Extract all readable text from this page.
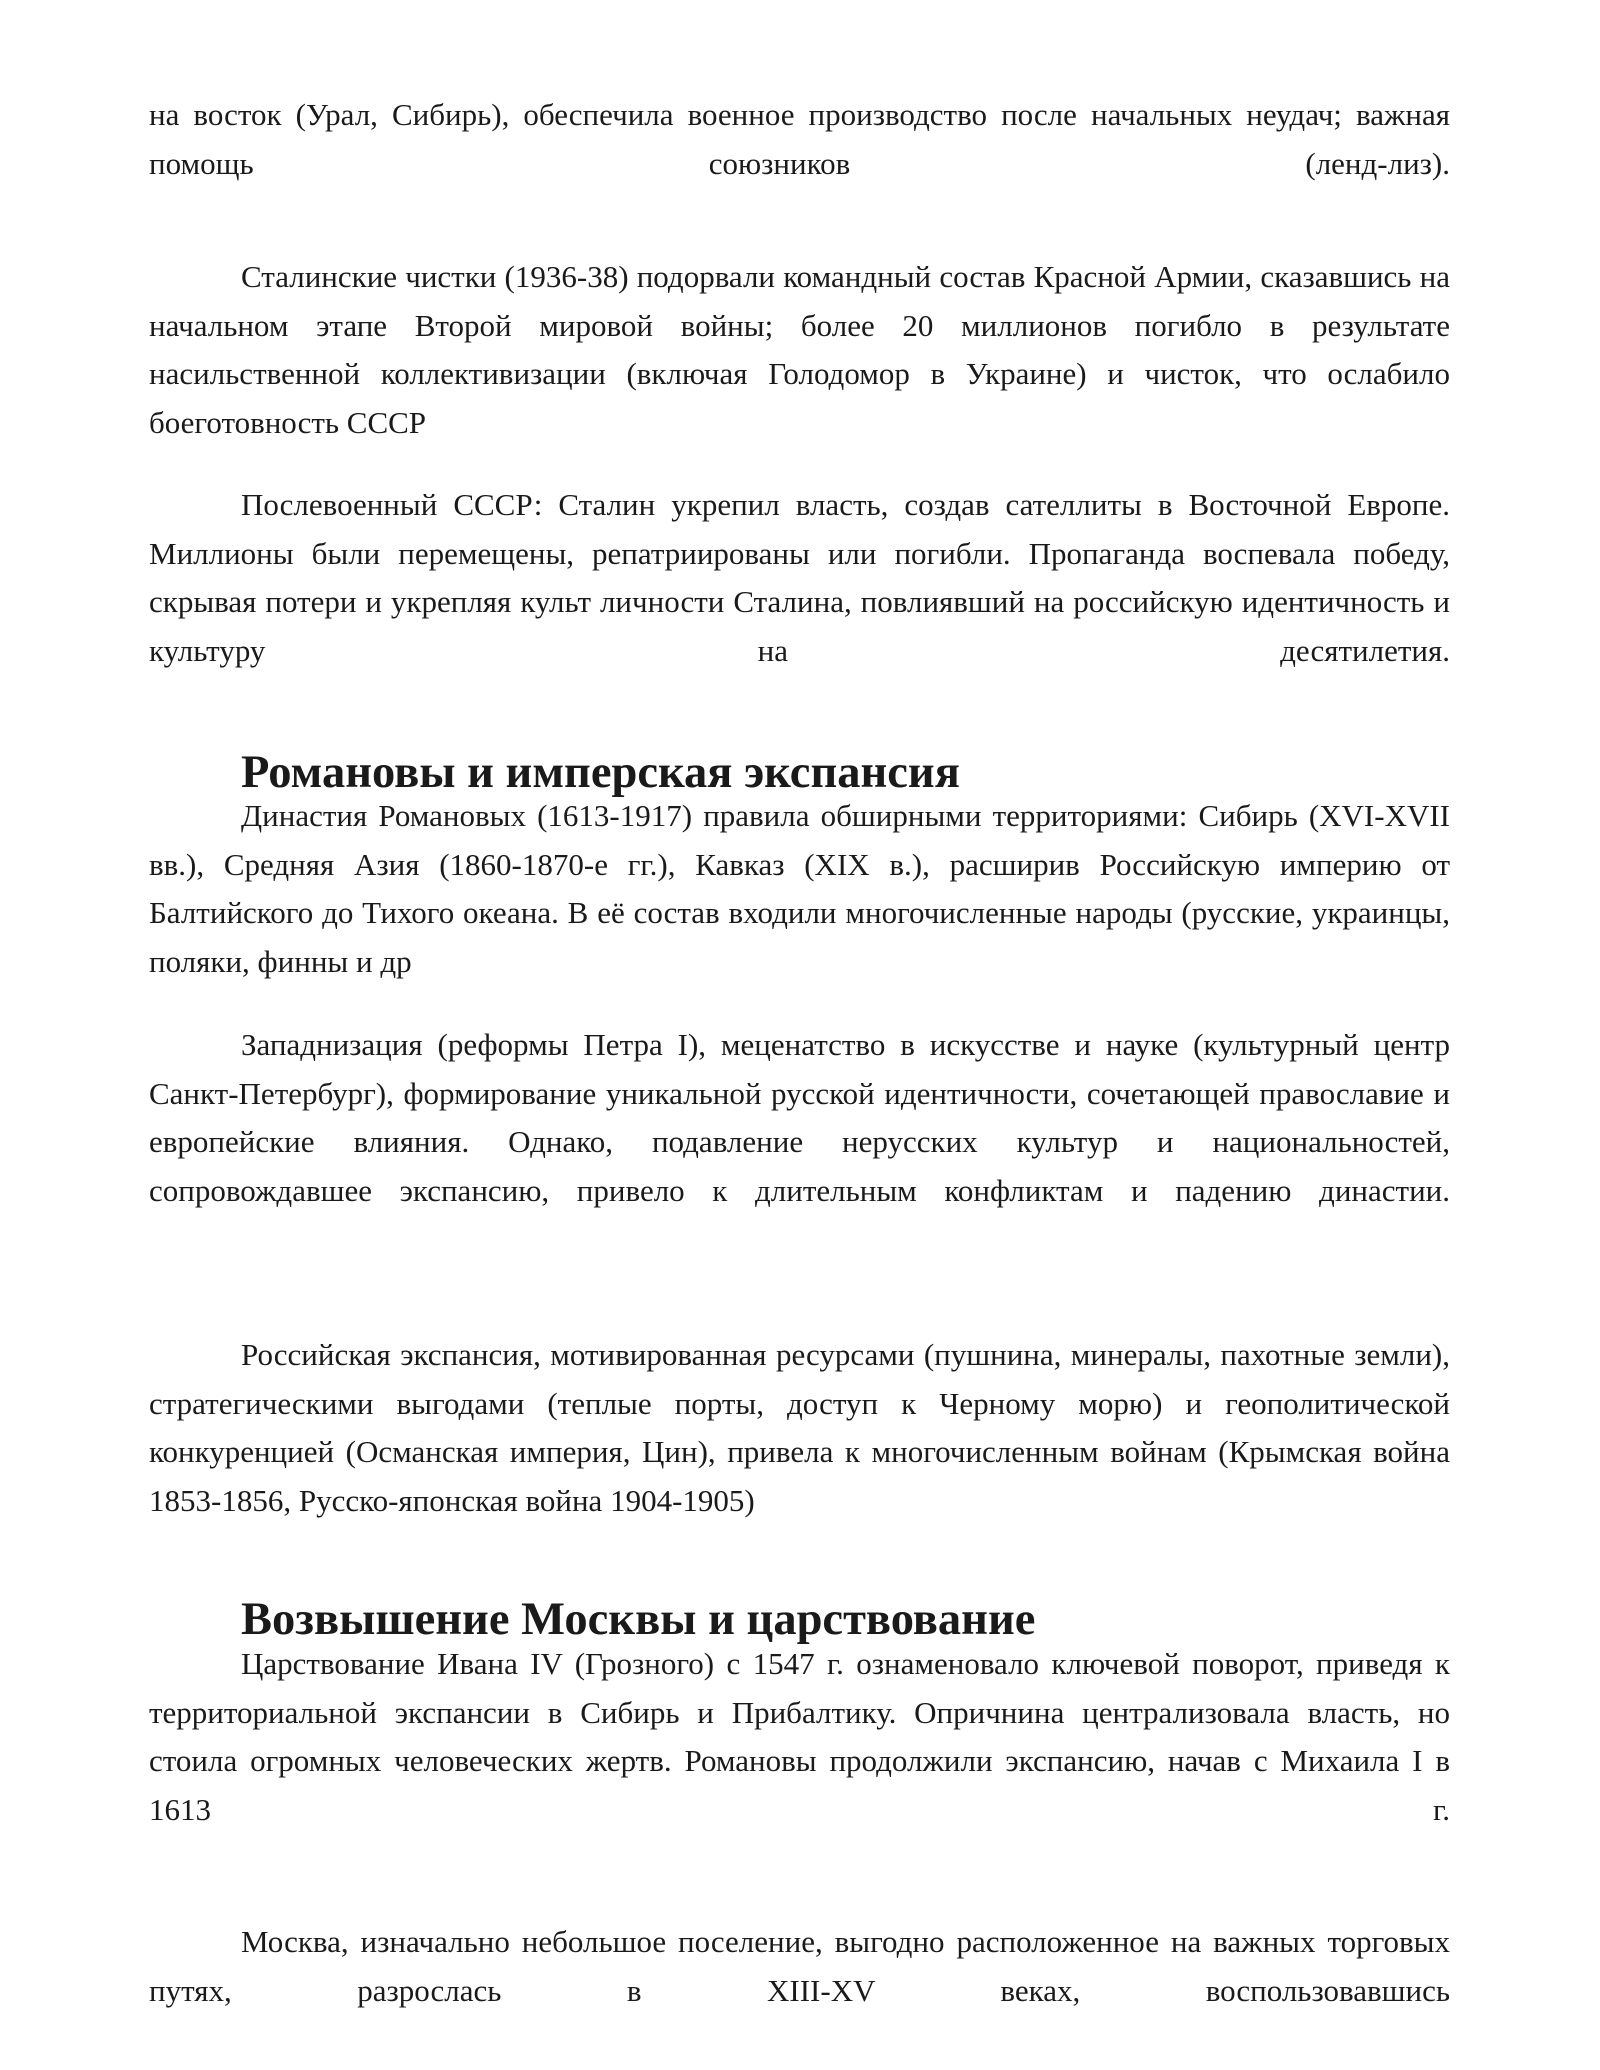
на восток (Урал, Сибирь), обеспечила военное производство после начальных неудач; важная помощь союзников (ленд-лиз).

Сталинские чистки (1936-38) подорвали командный состав Красной Армии, сказавшись на начальном этапе Второй мировой войны; более 20 миллионов погибло в результате насильственной коллективизации (включая Голодомор в Украине) и чисток, что ослабило боеготовность СССР

Послевоенный СССР: Сталин укрепил власть, создав сателлиты в Восточной Европе. Миллионы были перемещены, репатриированы или погибли. Пропаганда воспевала победу, скрывая потери и укрепляя культ личности Сталина, повлиявший на российскую идентичность и культуру на десятилетия.

Романовы и имперская экспансия

Династия Романовых (1613-1917) правила обширными территориями: Сибирь (XVI-XVII вв.), Средняя Азия (1860-1870-е гг.), Кавказ (XIX в.), расширив Российскую империю от Балтийского до Тихого океана. В её состав входили многочисленные народы (русские, украинцы, поляки, финны и др

Западнизация (реформы Петра I), меценатство в искусстве и науке (культурный центр Санкт-Петербург), формирование уникальной русской идентичности, сочетающей православие и европейские влияния. Однако, подавление нерусских культур и национальностей, сопровождавшее экспансию, привело к длительным конфликтам и падению династии.

Российская экспансия, мотивированная ресурсами (пушнина, минералы, пахотные земли), стратегическими выгодами (теплые порты, доступ к Черному морю) и геополитической конкуренцией (Османская империя, Цин), привела к многочисленным войнам (Крымская война 1853-1856, Русско-японская война 1904-1905)

Возвышение Москвы и царствование

Царствование Ивана IV (Грозного) с 1547 г. ознаменовало ключевой поворот, приведя к территориальной экспансии в Сибирь и Прибалтику. Опричнина централизовала власть, но стоила огромных человеческих жертв. Романовы продолжили экспансию, начав с Михаила I в 1613 г.

Москва, изначально небольшое поселение, выгодно расположенное на важных торговых путях, разрослась в XIII-XV веках, воспользовавшись
